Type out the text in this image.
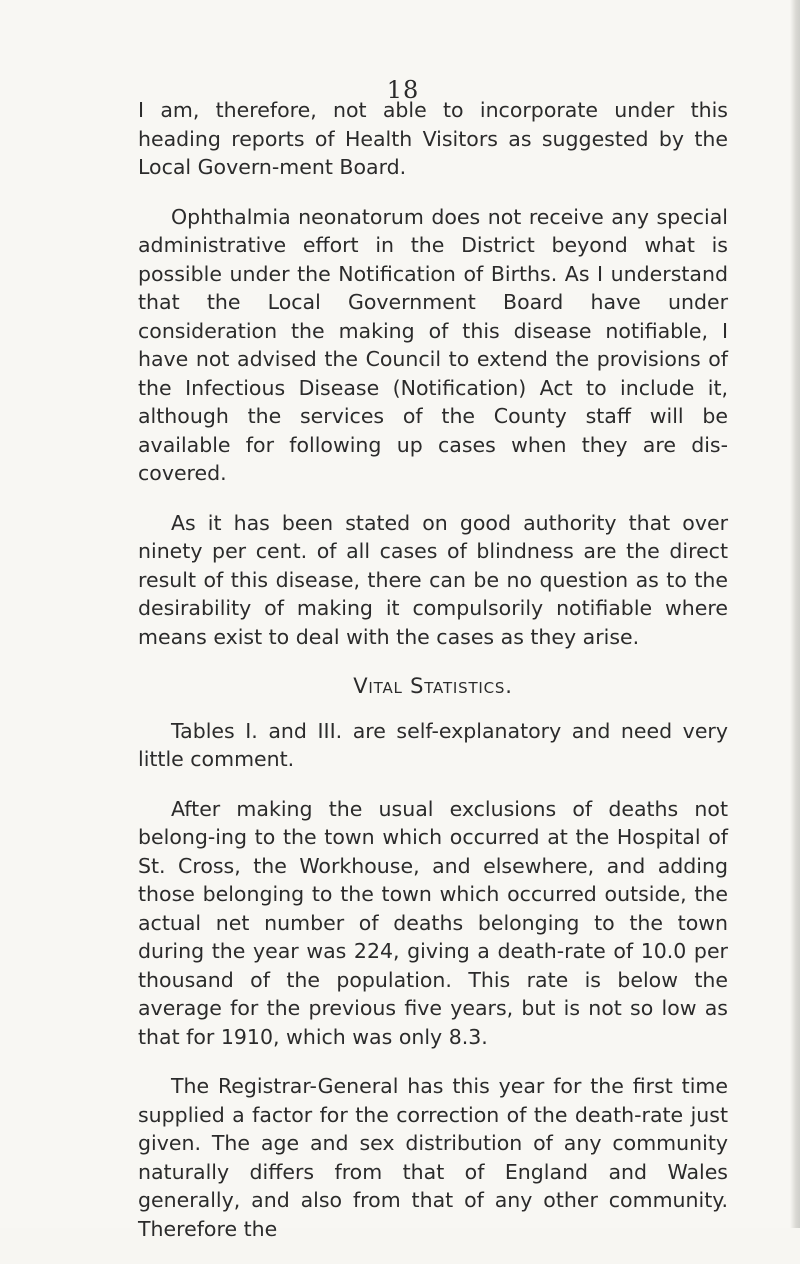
18

I am, therefore, not able to incorporate under this heading reports of Health Visitors as suggested by the Local Govern-ment Board.

Ophthalmia neonatorum does not receive any special administrative effort in the District beyond what is possible under the Notification of Births. As I understand that the Local Government Board have under consideration the making of this disease notifiable, I have not advised the Council to extend the provisions of the Infectious Disease (Notification) Act to include it, although the services of the County staff will be available for following up cases when they are dis-covered.

As it has been stated on good authority that over ninety per cent. of all cases of blindness are the direct result of this disease, there can be no question as to the desirability of making it compulsorily notifiable where means exist to deal with the cases as they arise.

Vital Statistics.

Tables I. and III. are self-explanatory and need very little comment.

After making the usual exclusions of deaths not belong-ing to the town which occurred at the Hospital of St. Cross, the Workhouse, and elsewhere, and adding those belonging to the town which occurred outside, the actual net number of deaths belonging to the town during the year was 224, giving a death-rate of 10.0 per thousand of the population. This rate is below the average for the previous five years, but is not so low as that for 1910, which was only 8.3.

The Registrar-General has this year for the first time supplied a factor for the correction of the death-rate just given. The age and sex distribution of any community naturally differs from that of England and Wales generally, and also from that of any other community. Therefore the
